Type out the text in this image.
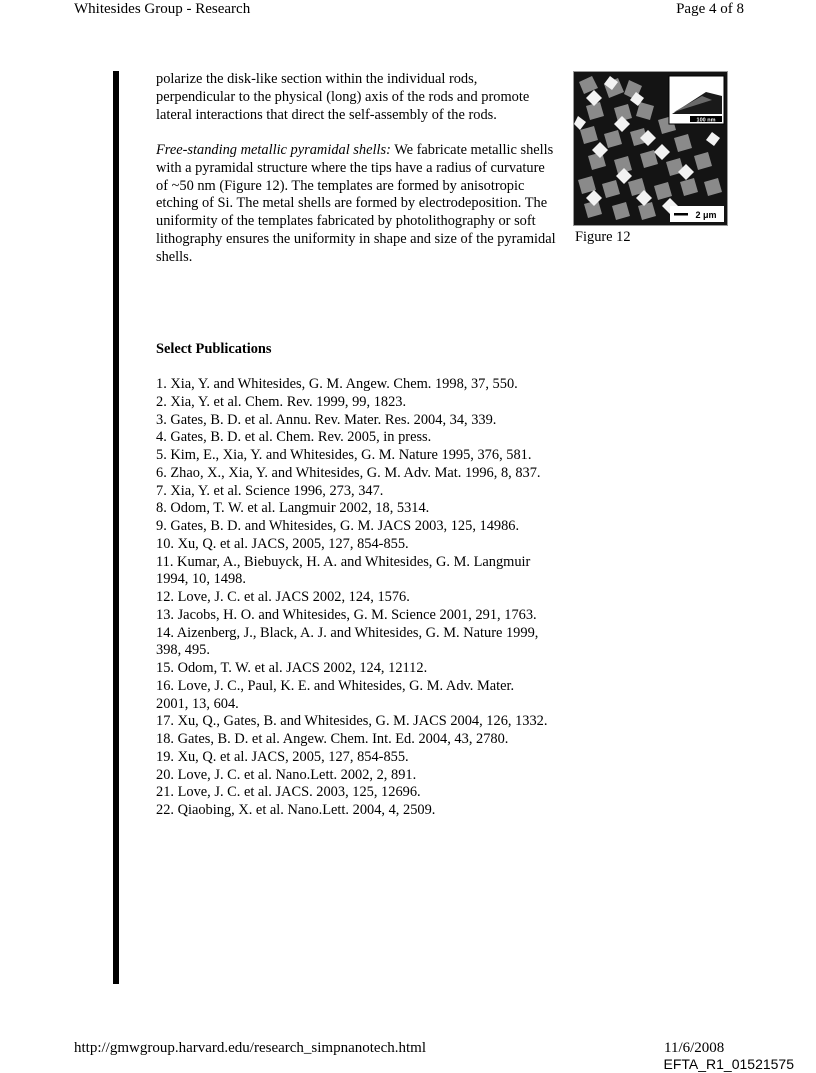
Whitesides Group - Research	Page 4 of 8

polarize the disk-like section within the individual rods, perpendicular to the physical (long) axis of the rods and promote lateral interactions that direct the self-assembly of the rods.

Free-standing metallic pyramidal shells: We fabricate metallic shells with a pyramidal structure where the tips have a radius of curvature of ~50 nm (Figure 12). The templates are formed by anisotropic etching of Si. The metal shells are formed by electrodeposition. The uniformity of the templates fabricated by photolithography or soft lithography ensures the uniformity in shape and size of the pyramidal shells.

100 nm
2 μm
Figure 12
Select Publications
1. Xia, Y. and Whitesides, G. M. Angew. Chem. 1998, 37, 550.
2. Xia, Y. et al. Chem. Rev. 1999, 99, 1823.
3. Gates, B. D. et al. Annu. Rev. Mater. Res. 2004, 34, 339.
4. Gates, B. D. et al. Chem. Rev. 2005, in press.
5. Kim, E., Xia, Y. and Whitesides, G. M. Nature 1995, 376, 581.
6. Zhao, X., Xia, Y. and Whitesides, G. M. Adv. Mat. 1996, 8, 837.
7. Xia, Y. et al. Science 1996, 273, 347.
8. Odom, T. W. et al. Langmuir 2002, 18, 5314.
9. Gates, B. D. and Whitesides, G. M. JACS 2003, 125, 14986.
10. Xu, Q. et al. JACS, 2005, 127, 854-855.
11. Kumar, A., Biebuyck, H. A. and Whitesides, G. M. Langmuir 1994, 10, 1498.
12. Love, J. C. et al. JACS 2002, 124, 1576.
13. Jacobs, H. O. and Whitesides, G. M. Science 2001, 291, 1763.
14. Aizenberg, J., Black, A. J. and Whitesides, G. M. Nature 1999, 398, 495.
15. Odom, T. W. et al. JACS 2002, 124, 12112.
16. Love, J. C., Paul, K. E. and Whitesides, G. M. Adv. Mater. 2001, 13, 604.
17. Xu, Q., Gates, B. and Whitesides, G. M. JACS 2004, 126, 1332.
18. Gates, B. D. et al. Angew. Chem. Int. Ed. 2004, 43, 2780.
19. Xu, Q. et al. JACS, 2005, 127, 854-855.
20. Love, J. C. et al. Nano.Lett. 2002, 2, 891.
21. Love, J. C. et al. JACS. 2003, 125, 12696.
22. Qiaobing, X. et al. Nano.Lett. 2004, 4, 2509.
http://gmwgroup.harvard.edu/research_simpnanotech.html	11/6/2008
EFTA_R1_01521575
